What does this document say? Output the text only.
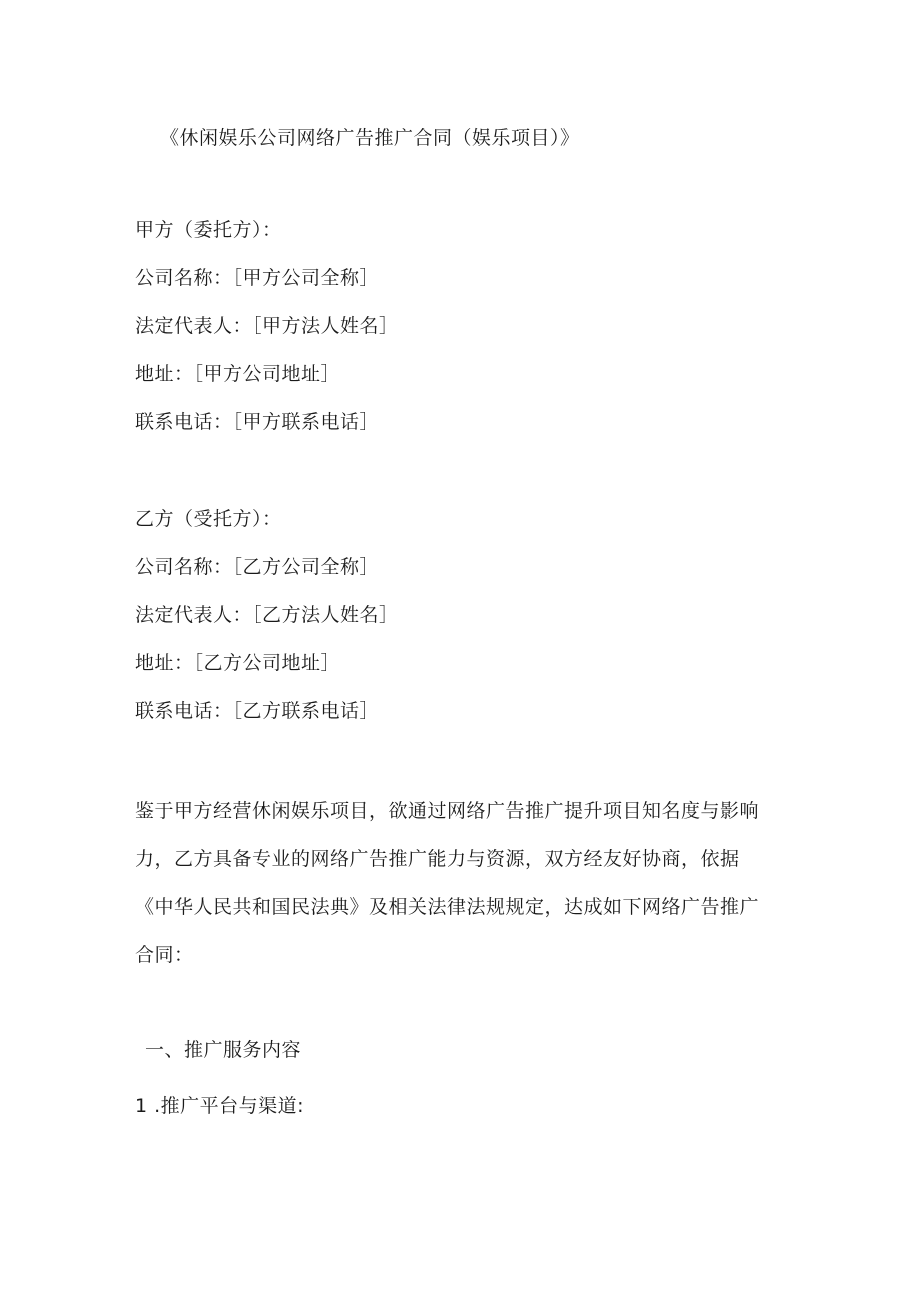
《休闲娱乐公司网络广告推广合同（娱乐项目）》
甲方（委托方）：
公司名称：［甲方公司全称］
法定代表人：［甲方法人姓名］
地址：［甲方公司地址］
联系电话：［甲方联系电话］
乙方（受托方）：
公司名称：［乙方公司全称］
法定代表人：［乙方法人姓名］
地址：［乙方公司地址］
联系电话：［乙方联系电话］
鉴于甲方经营休闲娱乐项目，欲通过网络广告推广提升项目知名度与影响
力，乙方具备专业的网络广告推广能力与资源，双方经友好协商，依据
《中华人民共和国民法典》及相关法律法规规定，达成如下网络广告推广
合同：
一、推广服务内容
1 .推广平台与渠道:
